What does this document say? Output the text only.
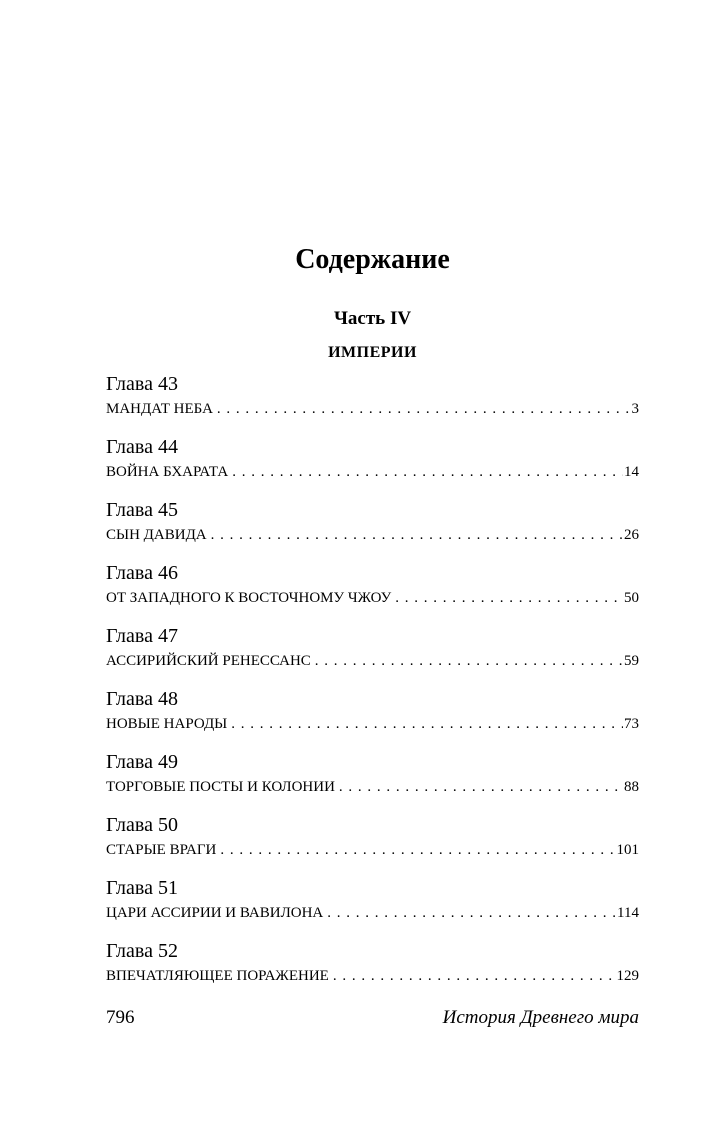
Содержание
Часть IV
ИМПЕРИИ
Глава 43
МАНДАТ НЕБА . . .	3
Глава 44
ВОЙНА БХАРАТА . . .	14
Глава 45
СЫН ДАВИДА . . .	26
Глава 46
ОТ ЗАПАДНОГО К ВОСТОЧНОМУ ЧЖОУ . . .	50
Глава 47
АССИРИЙСКИЙ РЕНЕССАНС . . .	59
Глава 48
НОВЫЕ НАРОДЫ . . .	73
Глава 49
ТОРГОВЫЕ ПОСТЫ И КОЛОНИИ . . .	88
Глава 50
СТАРЫЕ ВРАГИ . . .	101
Глава 51
ЦАРИ АССИРИИ И ВАВИЛОНА . . .	114
Глава 52
ВПЕЧАТЛЯЮЩЕЕ ПОРАЖЕНИЕ . . .	129
796	История Древнего мира
